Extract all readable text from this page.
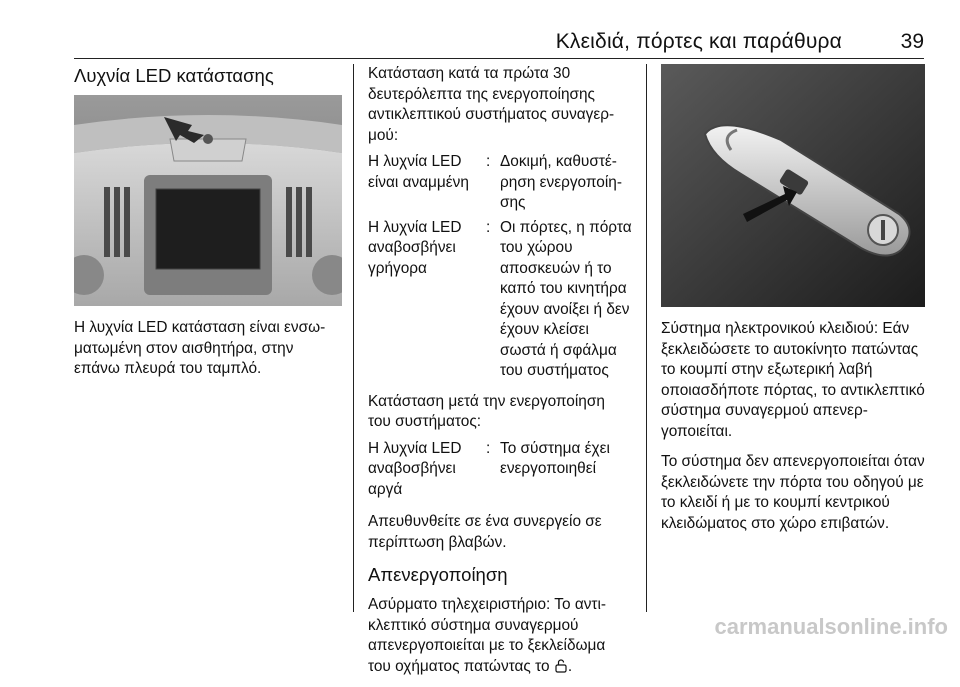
Κλειδιά, πόρτες και παράθυρα	39
Λυχνία LED κατάστασης

Η λυχνία LED κατάσταση είναι ενσωματωμένη στον αισθητήρα, στην επάνω πλευρά του ταμπλό.

Κατάσταση κατά τα πρώτα 30 δευτερόλεπτα της ενεργοποίησης αντικλεπτικού συστήματος συναγερμού:

Η λυχνία LED είναι αναμμένη
: Δοκιμή, καθυστέρηση ενεργοποίησης
Η λυχνία LED αναβοσβήνει γρήγορα
: Οι πόρτες, η πόρτα του χώρου αποσκευών ή το καπό του κινητήρα έχουν ανοίξει ή δεν έχουν κλείσει σωστά ή σφάλμα του συστήματος

Κατάσταση μετά την ενεργοποίηση του συστήματος:

Η λυχνία LED αναβοσβήνει αργά
: Το σύστημα έχει ενεργοποιηθεί

Απευθυνθείτε σε ένα συνεργείο σε περίπτωση βλαβών.

Απενεργοποίηση

Ασύρματο τηλεχειριστήριο: Το αντικλεπτικό σύστημα συναγερμού απενεργοποιείται με το ξεκλείδωμα του οχήματος πατώντας το .

Σύστημα ηλεκτρονικού κλειδιού: Εάν ξεκλειδώσετε το αυτοκίνητο πατώντας το κουμπί στην εξωτερική λαβή οποιασδήποτε πόρτας, το αντικλεπτικό σύστημα συναγερμού απενεργοποιείται.

Το σύστημα δεν απενεργοποιείται όταν ξεκλειδώνετε την πόρτα του οδηγού με το κλειδί ή με το κουμπί κεντρικού κλειδώματος στο χώρο επιβατών.

carmanualsonline.info
